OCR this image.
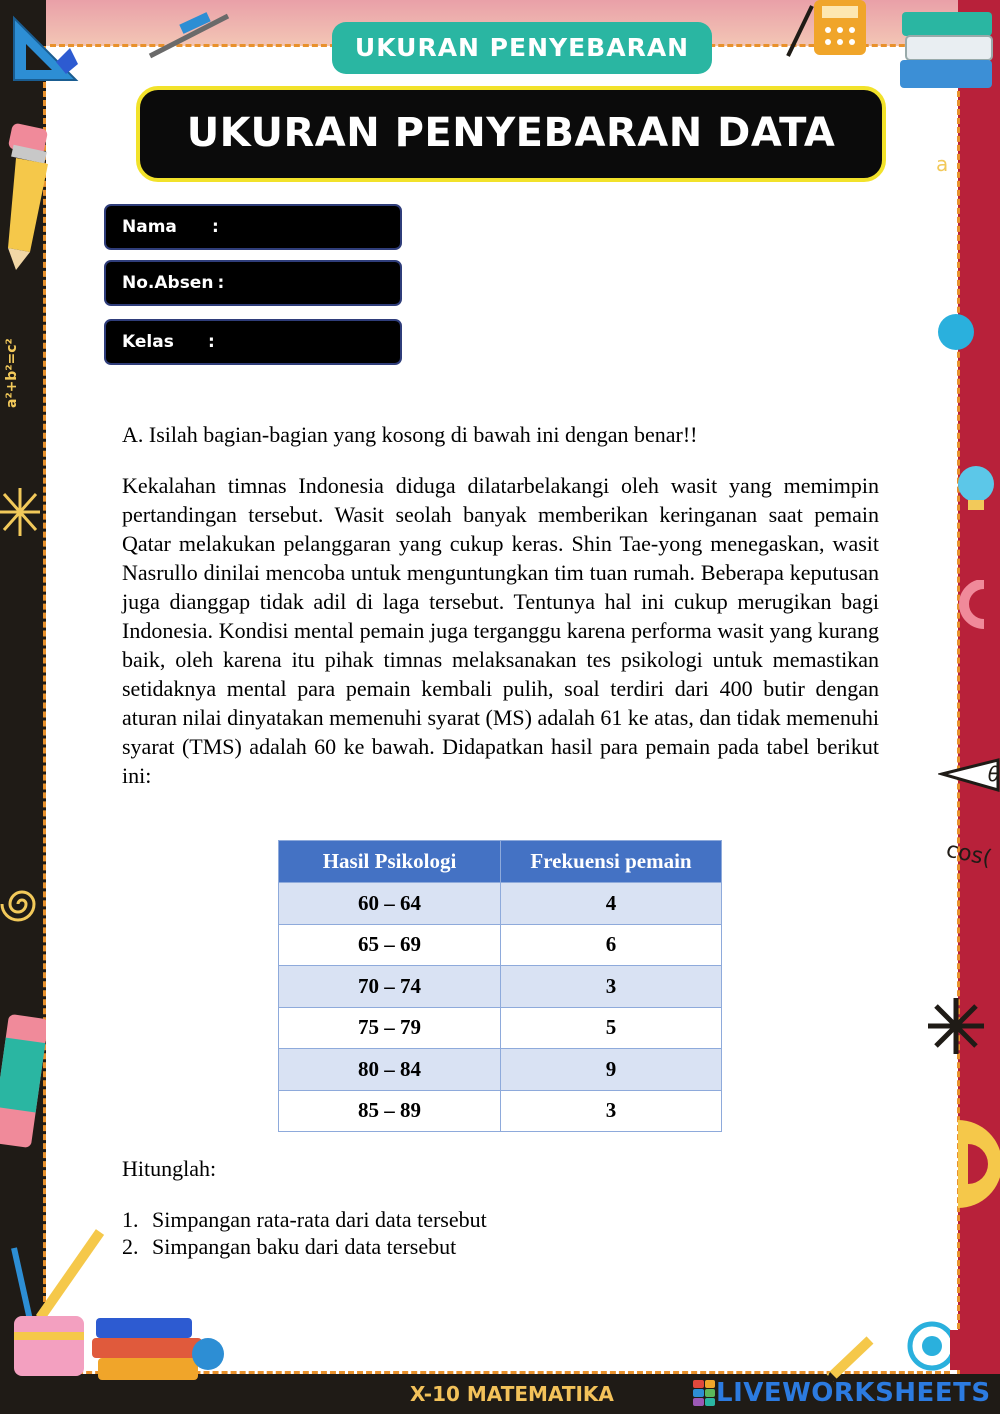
a²+b²=c²
a
θ
cos(
UKURAN PENYEBARAN
UKURAN PENYEBARAN DATA
Nama :
No.Absen :
Kelas :
A. Isilah bagian-bagian yang kosong di bawah ini dengan benar!!
Kekalahan timnas Indonesia diduga dilatarbelakangi oleh wasit yang memimpin pertandingan tersebut. Wasit seolah banyak memberikan keringanan saat pemain Qatar melakukan pelanggaran yang cukup keras. Shin Tae-yong menegaskan, wasit Nasrullo dinilai mencoba untuk menguntungkan tim tuan rumah. Beberapa keputusan juga dianggap tidak adil di laga tersebut. Tentunya hal ini cukup merugikan bagi Indonesia. Kondisi mental pemain juga terganggu karena performa wasit yang kurang baik, oleh karena itu pihak timnas melaksanakan tes psikologi untuk memastikan setidaknya mental para pemain kembali pulih, soal terdiri dari 400 butir dengan aturan nilai dinyatakan memenuhi syarat (MS) adalah 61 ke atas, dan tidak memenuhi syarat (TMS) adalah 60 ke bawah. Didapatkan hasil para pemain pada tabel berikut ini:
Hasil Psikologi	Frekuensi pemain
60 – 64	4
65 – 69	6
70 – 74	3
75 – 79	5
80 – 84	9
85 – 89	3
Hitunglah:
1. Simpangan rata-rata dari data tersebut
2. Simpangan baku dari data tersebut
X-10 MATEMATIKA	LIVEWORKSHEETS
